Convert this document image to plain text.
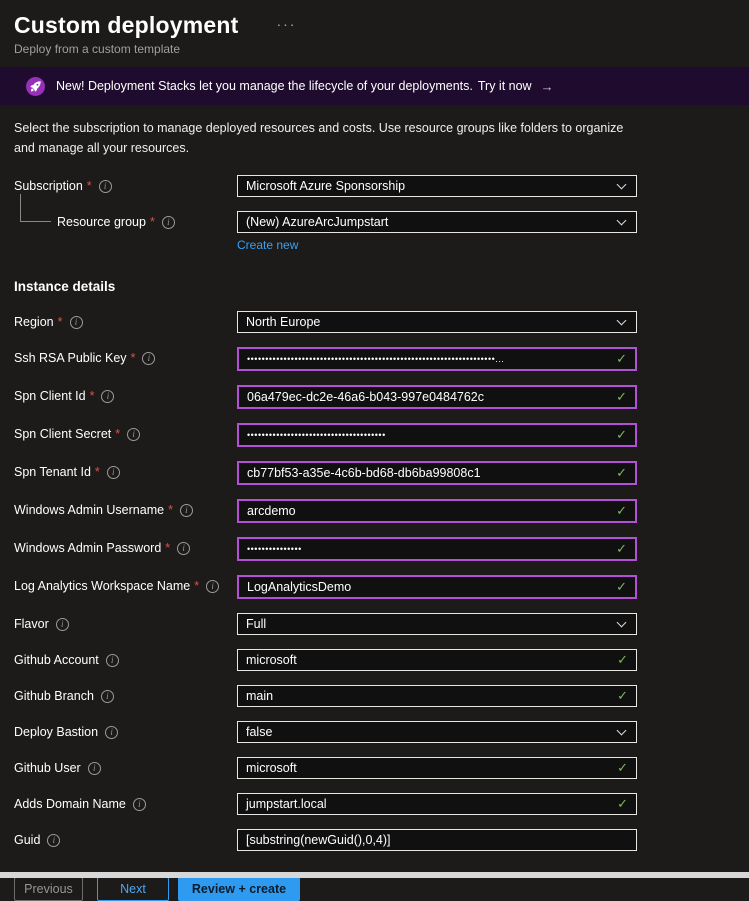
Custom deployment	···
Deploy from a custom template
New! Deployment Stacks let you manage the lifecycle of your deployments. Try it now →

Select the subscription to manage deployed resources and costs. Use resource groups like folders to organize and manage all your resources.

Subscription *	i	Microsoft Azure Sponsorship
Resource group *	i	(New) AzureArcJumpstart
Create new
Instance details
Region *	i	North Europe
Ssh RSA Public Key *	i	••••••••••••••••••••••••••••••••••••••••••••••••••••••••••••••••••••...	✓
Spn Client Id *	i	06a479ec-dc2e-46a6-b043-997e0484762c	✓
Spn Client Secret *	i	••••••••••••••••••••••••••••••••••••••	✓
Spn Tenant Id *	i	cb77bf53-a35e-4c6b-bd68-db6ba99808c1	✓
Windows Admin Username *	i	arcdemo	✓
Windows Admin Password *	i	•••••••••••••••	✓
Log Analytics Workspace Name *	i	LogAnalyticsDemo	✓
Flavor	i	Full
Github Account	i	microsoft	✓
Github Branch	i	main	✓
Deploy Bastion	i	false
Github User	i	microsoft	✓
Adds Domain Name	i	jumpstart.local	✓
Guid	i	[substring(newGuid(),0,4)]
Previous	Next	Review + create
